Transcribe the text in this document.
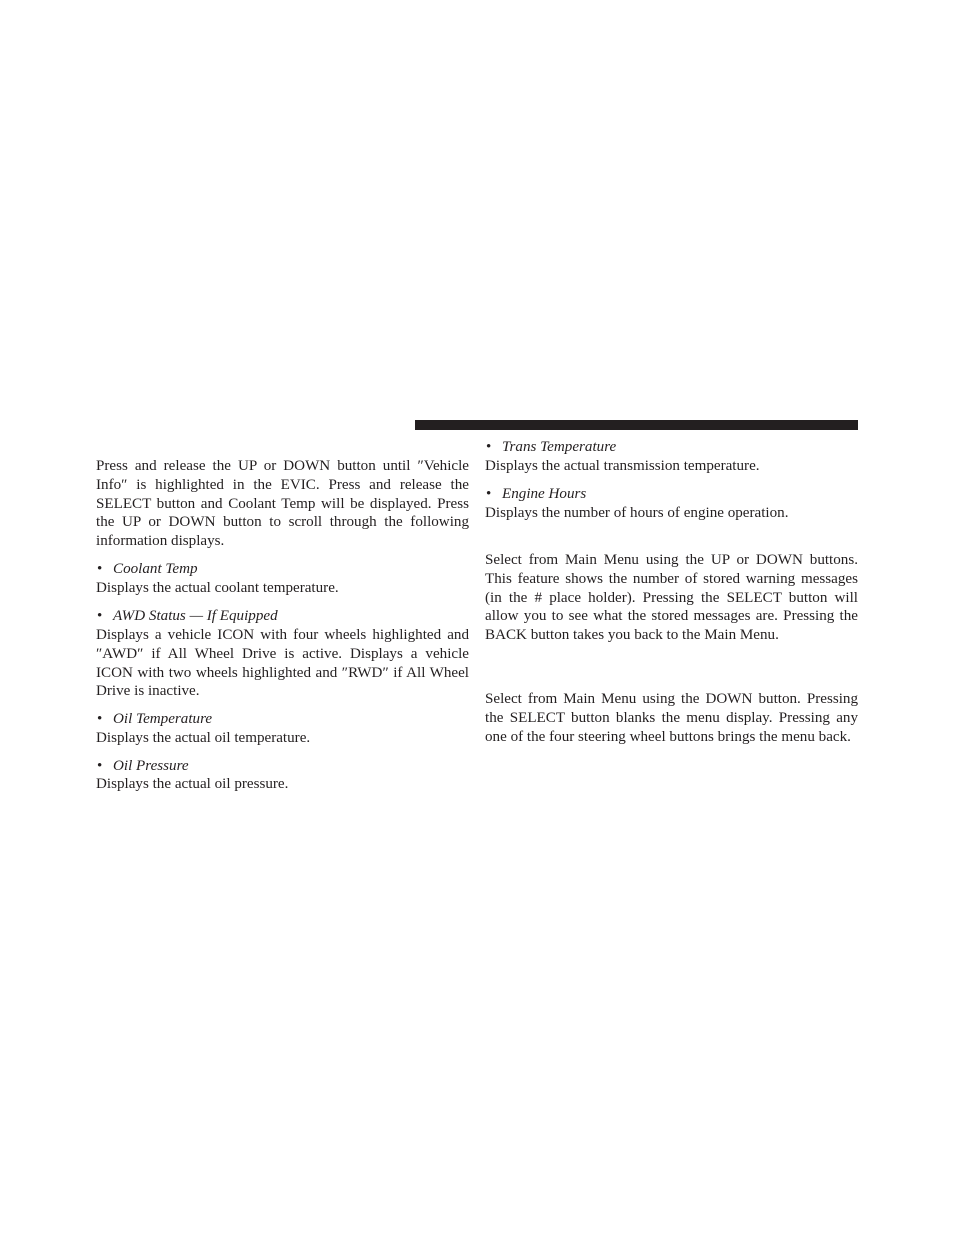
Press and release the UP or DOWN button until ″Vehicle Info″ is highlighted in the EVIC. Press and release the SELECT button and Coolant Temp will be displayed. Press the UP or DOWN button to scroll through the following information displays.

• Coolant Temp

Displays the actual coolant temperature.

• AWD Status — If Equipped

Displays a vehicle ICON with four wheels highlighted and ″AWD″ if All Wheel Drive is active. Displays a vehicle ICON with two wheels highlighted and ″RWD″ if All Wheel Drive is inactive.

• Oil Temperature

Displays the actual oil temperature.

• Oil Pressure

Displays the actual oil pressure.

• Trans Temperature

Displays the actual transmission temperature.

• Engine Hours

Displays the number of hours of engine operation.

Select from Main Menu using the UP or DOWN buttons. This feature shows the number of stored warning messages (in the # place holder). Pressing the SELECT button will allow you to see what the stored messages are. Pressing the BACK button takes you back to the Main Menu.

Select from Main Menu using the DOWN button. Pressing the SELECT button blanks the menu display. Pressing any one of the four steering wheel buttons brings the menu back.
